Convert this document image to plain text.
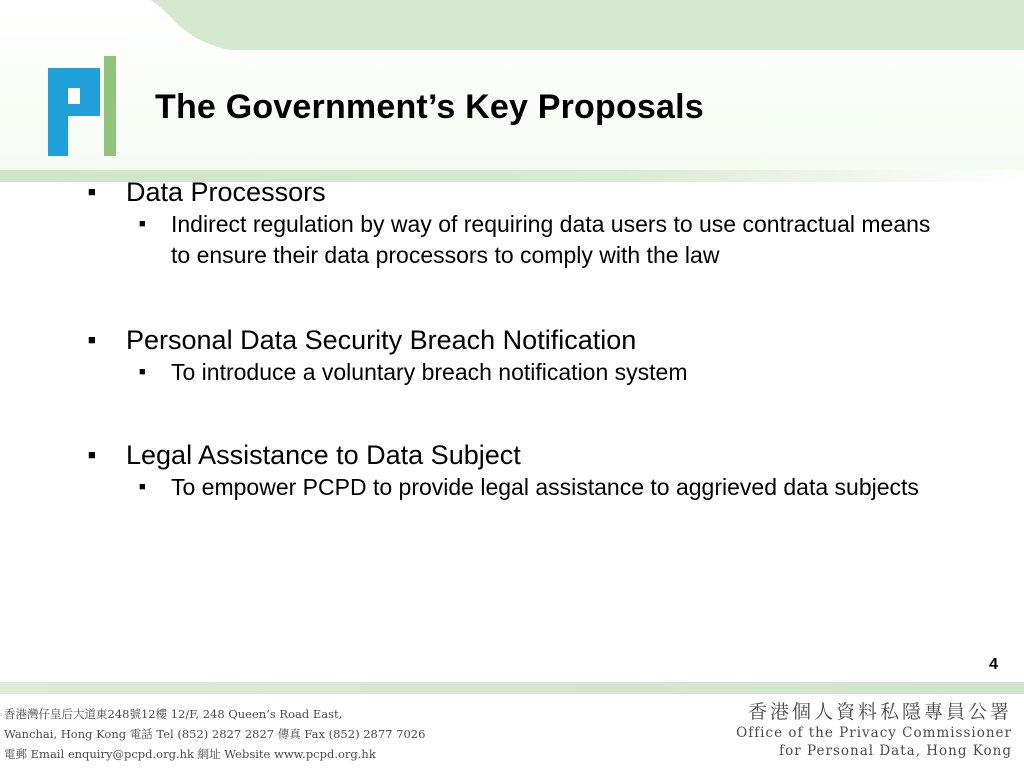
The Government’s Key Proposals
■ Data Processors
■ Indirect regulation by way of requiring data users to use contractual means to ensure their data processors to comply with the law
■ Personal Data Security Breach Notification
■ To introduce a voluntary breach notification system
■ Legal Assistance to Data Subject
■ To empower PCPD to provide legal assistance to aggrieved data subjects
4
香港灣仔皇后大道東248號12樓 12/F, 248 Queen’s Road East,
Wanchai, Hong Kong 電話 Tel (852) 2827 2827 傳真 Fax (852) 2877 7026
電郵 Email enquiry@pcpd.org.hk 網址 Website www.pcpd.org.hk
香港個人資料私隱專員公署
Office of the Privacy Commissioner
for Personal Data, Hong Kong
